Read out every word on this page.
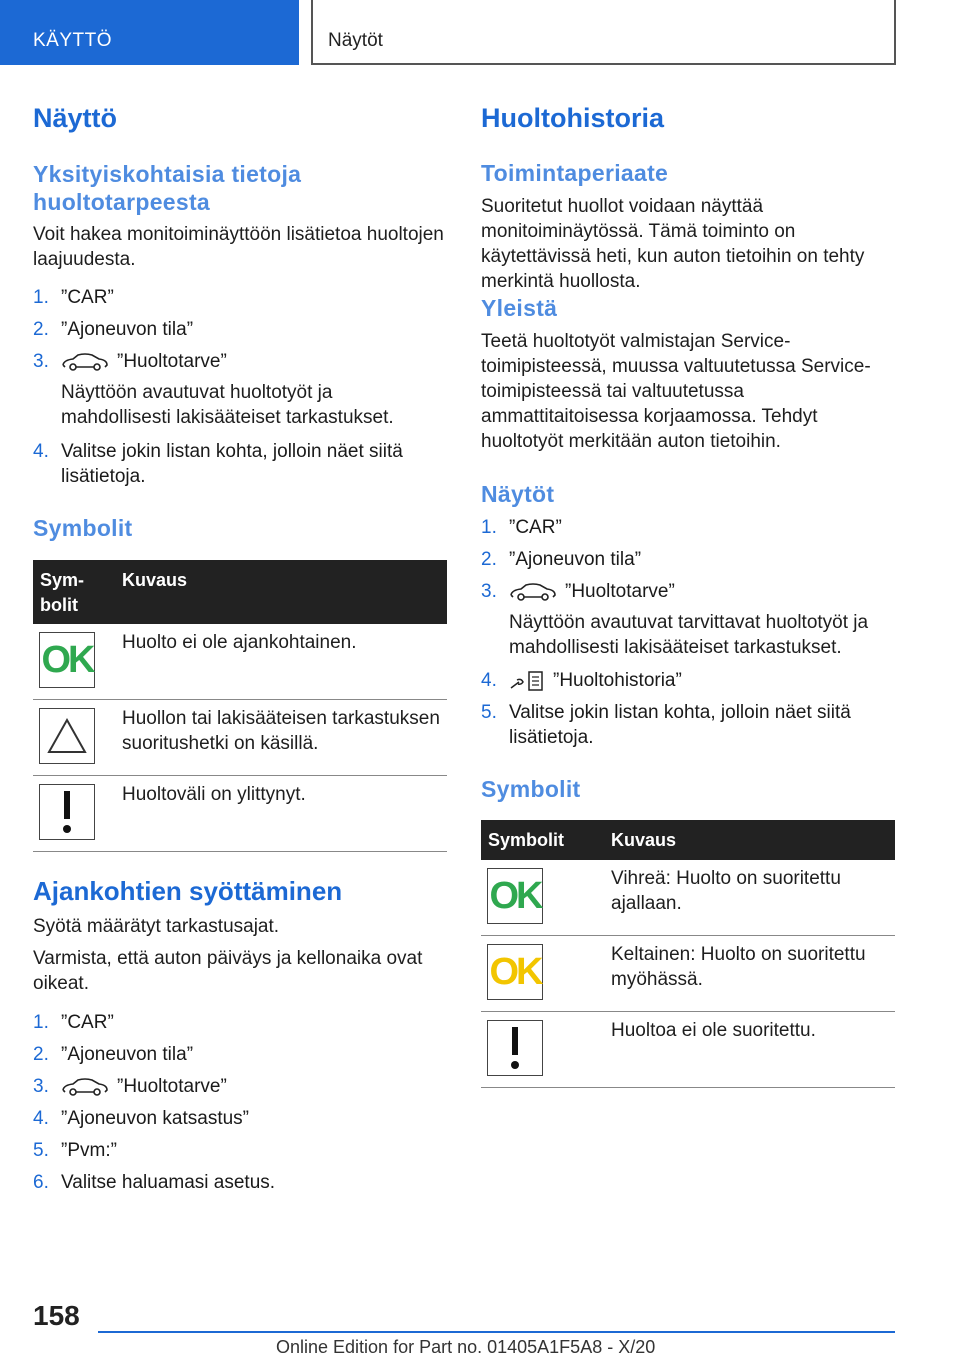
KÄYTTÖ	Näytöt
Näyttö
Yksityiskohtaisia tietoja huoltotarpeesta
Voit hakea monitoiminäyttöön lisätietoa huoltojen laajuudesta.
1. ”CAR”
2. ”Ajoneuvon tila”
3.	”Huoltotarve”
Näyttöön avautuvat huoltotyöt ja mahdollisesti lakisääteiset tarkastukset.
4. Valitse jokin listan kohta, jolloin näet siitä lisätietoja.
Symbolit
Sym-bolit
Kuvaus
OK Huolto ei ole ajankohtainen.
Huollon tai lakisääteisen tarkastuksen suoritushetki on käsillä.
Huoltoväli on ylittynyt.
Ajankohtien syöttäminen
Syötä määrätyt tarkastusajat.
Varmista, että auton päiväys ja kellonaika ovat oikeat.
1. ”CAR”
2. ”Ajoneuvon tila”
3.	”Huoltotarve”
4. ”Ajoneuvon katsastus”
5. ”Pvm:”
6. Valitse haluamasi asetus.
Huoltohistoria
Toimintaperiaate
Suoritetut huollot voidaan näyttää monitoiminäytössä. Tämä toiminto on käytettävissä heti, kun auton tietoihin on tehty merkintä huollosta.
Yleistä
Teetä huoltotyöt valmistajan Service-toimipisteessä, muussa valtuutetussa Service-toimipisteessä tai valtuutetussa ammattitaitoisessa korjaamossa. Tehdyt huoltotyöt merkitään auton tietoihin.
Näytöt
1. ”CAR”
2. ”Ajoneuvon tila”
3.	”Huoltotarve”
Näyttöön avautuvat tarvittavat huoltotyöt ja mahdollisesti lakisääteiset tarkastukset.
4.	”Huoltohistoria”
5. Valitse jokin listan kohta, jolloin näet siitä lisätietoja.
Symbolit
Symbolit	Kuvaus
OK	Vihreä: Huolto on suoritettu ajallaan.
OK	Keltainen: Huolto on suoritettu myöhässä.
Huoltoa ei ole suoritettu.
158
Online Edition for Part no. 01405A1F5A8 - X/20
